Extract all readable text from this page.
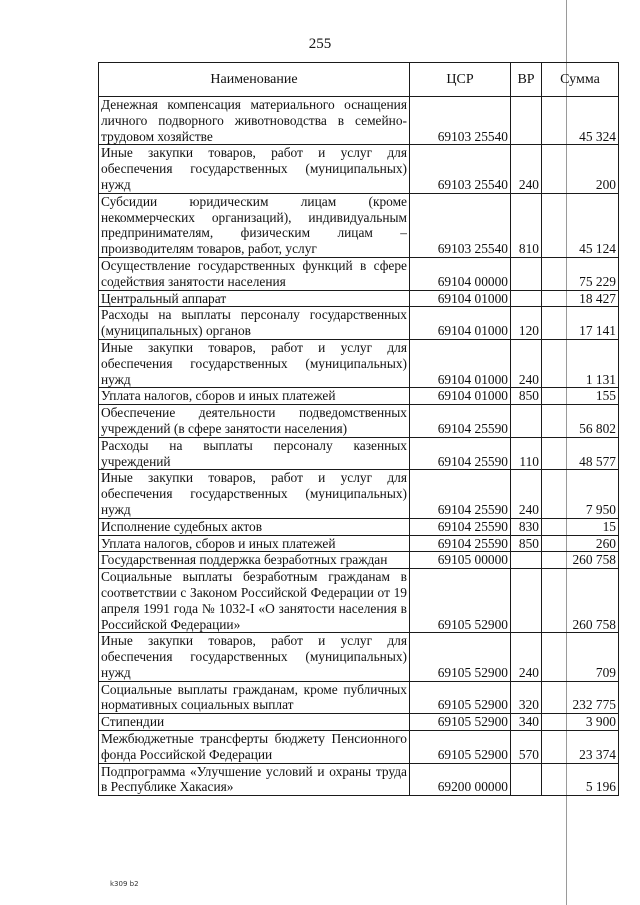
255
Наименование	ЦСР	ВР	Сумма
Денежная компенсация материального оснащения личного подворного животноводства в семейно-трудовом хозяйстве	69103 25540		45 324
Иные закупки товаров, работ и услуг для обеспечения государственных (муниципальных) нужд	69103 25540	240	200
Субсидии юридическим лицам (кроме некоммерческих организаций), индивидуальным предпринимателям, физическим лицам – производителям товаров, работ, услуг	69103 25540	810	45 124
Осуществление государственных функций в сфере содействия занятости населения	69104 00000		75 229
Центральный аппарат	69104 01000		18 427
Расходы на выплаты персоналу государственных (муниципальных) органов	69104 01000	120	17 141
Иные закупки товаров, работ и услуг для обеспечения государственных (муниципальных) нужд	69104 01000	240	1 131
Уплата налогов, сборов и иных платежей	69104 01000	850	155
Обеспечение деятельности подведомственных учреждений (в сфере занятости населения)	69104 25590		56 802
Расходы на выплаты персоналу казенных учреждений	69104 25590	110	48 577
Иные закупки товаров, работ и услуг для обеспечения государственных (муниципальных) нужд	69104 25590	240	7 950
Исполнение судебных актов	69104 25590	830	15
Уплата налогов, сборов и иных платежей	69104 25590	850	260
Государственная поддержка безработных граждан	69105 00000		260 758
Социальные выплаты безработным гражданам в соответствии с Законом Российской Федерации от 19 апреля 1991 года № 1032-I «О занятости населения в Российской Федерации»	69105 52900		260 758
Иные закупки товаров, работ и услуг для обеспечения государственных (муниципальных) нужд	69105 52900	240	709
Социальные выплаты гражданам, кроме публичных нормативных социальных выплат	69105 52900	320	232 775
Стипендии	69105 52900	340	3 900
Межбюджетные трансферты бюджету Пенсионного фонда Российской Федерации	69105 52900	570	23 374
Подпрограмма «Улучшение условий и охраны труда в Республике Хакасия»	69200 00000		5 196
k309 b2
